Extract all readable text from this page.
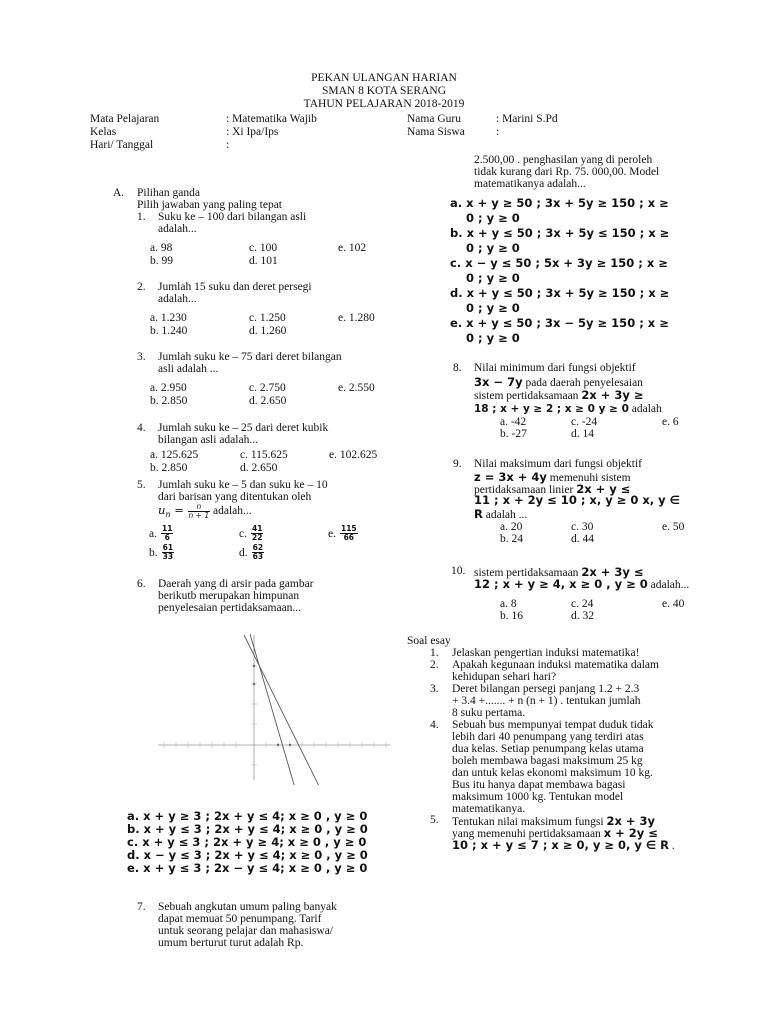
PEKAN ULANGAN HARIAN
SMAN 8 KOTA SERANG
TAHUN PELAJARAN 2018-2019
Mata Pelajaran	: Matematika Wajib
Kelas	: Xi Ipa/Ips
Hari/ Tanggal	:
Nama Guru	: Marini S.Pd
Nama Siswa	:
A. Pilihan ganda
Pilih jawaban yang paling tepat
1. Suku ke – 100 dari bilangan asli
adalah...
a. 98
b. 99
c. 100
d. 101
e. 102
2. Jumlah 15 suku dan deret persegi
adalah...
a. 1.230
b. 1.240
c. 1.250
d. 1.260
e. 1.280
3. Jumlah suku ke – 75 dari deret bilangan
asli adalah ...
a. 2.950
b. 2.850
c. 2.750
d. 2.650
e. 2.550
4. Jumlah suku ke – 25 dari deret kubik
bilangan asli adalah...
a. 125.625
b. 2.850
c. 115.625
d. 2.650
e. 102.625
5. Jumlah suku ke – 5 dan suku ke – 10
dari barisan yang ditentukan oleh
$u_n = \frac{n}{n + 1}$ adalah...
a. $\frac{11}{6}$
b. $\frac{61}{33}$
c. $\frac{41}{22}$
d. $\frac{62}{63}$
e. $\frac{115}{66}$
6. Daerah yang di arsir pada gambar
berikutb merupakan himpunan
penyelesaian pertidaksamaan...
a. x + y ≥ 3 ; 2x + y ≤ 4; x ≥ 0 , y ≥ 0
b. x + y ≤ 3 ; 2x + y ≤ 4; x ≥ 0 , y ≥ 0
c. x + y ≤ 3 ; 2x + y ≥ 4; x ≥ 0 , y ≥ 0
d. x − y ≤ 3 ; 2x + y ≤ 4; x ≥ 0 , y ≥ 0
e. x + y ≤ 3 ; 2x − y ≤ 4; x ≥ 0 , y ≥ 0
7. Sebuah angkutan umum paling banyak
dapat memuat 50 penumpang. Tarif
untuk seorang pelajar dan mahasiswa/
umum berturut turut adalah Rp.
2.500,00 . penghasilan yang di peroleh
tidak kurang dari Rp. 75. 000,00. Model
matematikanya adalah...
a. x + y ≥ 50 ; 3x + 5y ≥ 150 ; x ≥
0 ; y ≥ 0
b. x + y ≤ 50 ; 3x + 5y ≤ 150 ; x ≥
0 ; y ≥ 0
c. x − y ≤ 50 ; 5x + 3y ≥ 150 ; x ≥
0 ; y ≥ 0
d. x + y ≤ 50 ; 3x + 5y ≥ 150 ; x ≥
0 ; y ≥ 0
e. x + y ≤ 50 ; 3x − 5y ≥ 150 ; x ≥
0 ; y ≥ 0
8. Nilai minimum dari fungsi objektif
3x − 7y pada daerah penyelesaian
sistem pertidaksamaan 2x + 3y ≥
18 ; x + y ≥ 2 ; x ≥ 0 y ≥ 0 adalah
a. -42
b. -27
c. -24
d. 14
e. 6
9. Nilai maksimum dari fungsi objektif
z = 3x + 4y memenuhi sistem
pertidaksamaan linier 2x + y ≤
11 ; x + 2y ≤ 10 ; x, y ≥ 0 x, y ∈
R adalah ...
a. 20
b. 24
c. 30
d. 44
e. 50
10. sistem pertidaksamaan 2x + 3y ≤
12 ; x + y ≥ 4, x ≥ 0 , y ≥ 0 adalah...
a. 8
b. 16
c. 24
d. 32
e. 40
Soal esay
1. Jelaskan pengertian induksi matematika!
2. Apakah kegunaan induksi matematika dalam
kehidupan sehari hari?
3. Deret bilangan persegi panjang 1.2 + 2.3
+ 3.4 +....... + n (n + 1) . tentukan jumlah
8 suku pertama.
4. Sebuah bus mempunyai tempat duduk tidak
lebih dari 40 penumpang yang terdiri atas
dua kelas. Setiap penumpang kelas utama
boleh membawa bagasi maksimum 25 kg
dan untuk kelas ekonomi maksimum 10 kg.
Bus itu hanya dapat membawa bagasi
maksimum 1000 kg. Tentukan model
matematikanya.
5. Tentukan nilai maksimum fungsi 2x + 3y
yang memenuhi pertidaksamaan x + 2y ≤
10 ; x + y ≤ 7 ; x ≥ 0, y ≥ 0, y ∈ R .
